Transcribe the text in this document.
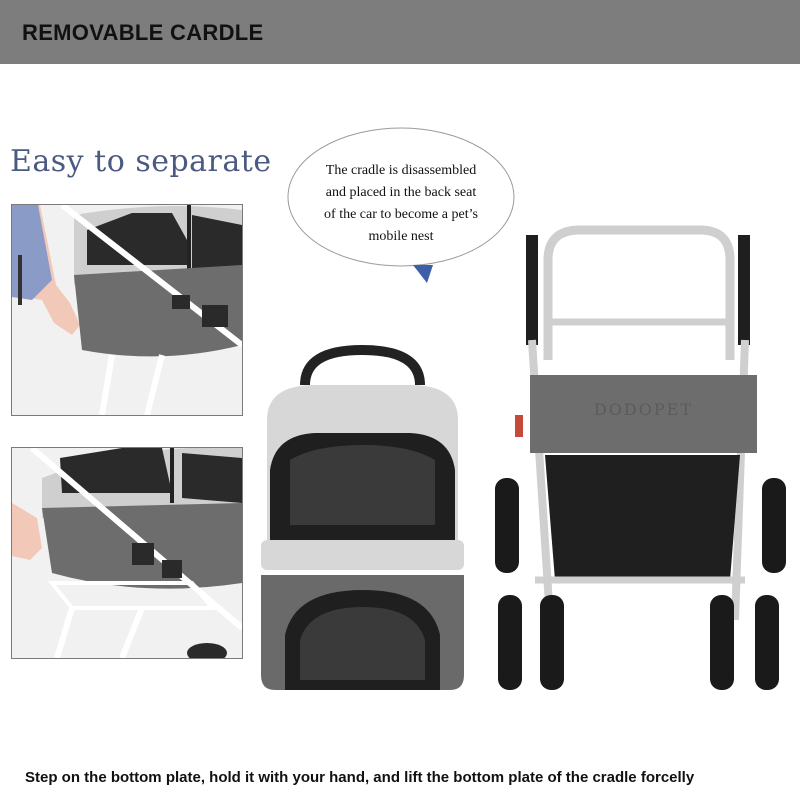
REMOVABLE CARDLE
Easy to separate	The cradle is disassembled
and placed in the back seat
of the car to become a pet’s
mobile nest
DODOPET
Step on the bottom plate, hold it with your hand, and lift the bottom plate of the cradle forcelly
